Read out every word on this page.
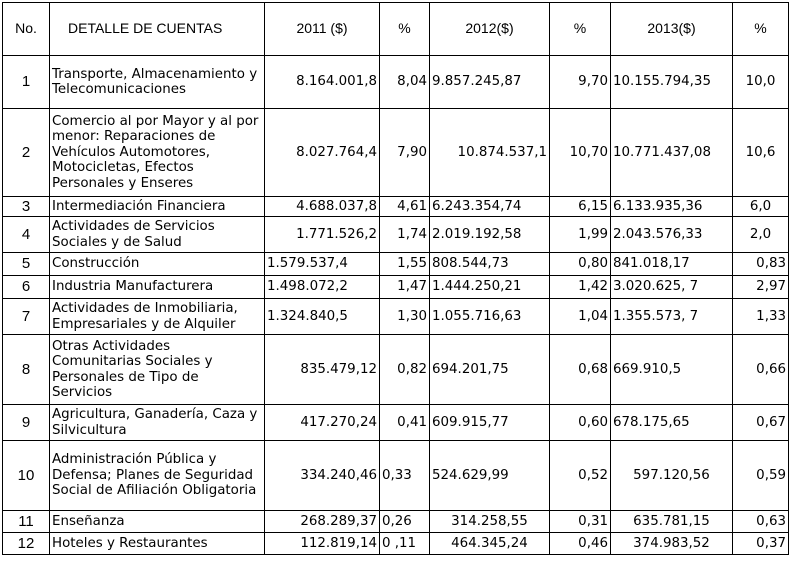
No.	DETALLE DE CUENTAS	2011 ($)	%	2012($)	%	2013($)	%
1	Transporte, Almacenamiento y Telecomunicaciones	8.164.001,8	8,04	9.857.245,87	9,70	10.155.794,35	10,0
2	Comercio al por Mayor y al por menor: Reparaciones de Vehículos Automotores, Motocicletas, Efectos Personales y Enseres	8.027.764,4	7,90	10.874.537,1	10,70	10.771.437,08	10,6
3	Intermediación Financiera	4.688.037,8	4,61	6.243.354,74	6,15	6.133.935,36	6,0
4	Actividades de Servicios Sociales y de Salud	1.771.526,2	1,74	2.019.192,58	1,99	2.043.576,33	2,0
5	Construcción	1.579.537,4	1,55	808.544,73	0,80	841.018,17	0,83
6	Industria Manufacturera	1.498.072,2	1,47	1.444.250,21	1,42	3.020.625, 7	2,97
7	Actividades de Inmobiliaria, Empresariales y de Alquiler	1.324.840,5	1,30	1.055.716,63	1,04	1.355.573, 7	1,33
8	Otras Actividades Comunitarias Sociales y Personales de Tipo de Servicios	835.479,12	0,82	694.201,75	0,68	669.910,5	0,66
9	Agricultura, Ganadería, Caza y Silvicultura	417.270,24	0,41	609.915,77	0,60	678.175,65	0,67
10	Administración Pública y Defensa; Planes de Seguridad Social de Afiliación Obligatoria	334.240,46	0,33	524.629,99	0,52	597.120,56	0,59
11	Enseñanza	268.289,37	0,26	314.258,55	0,31	635.781,15	0,63
12	Hoteles y Restaurantes	112.819,14	0 ,11	464.345,24	0,46	374.983,52	0,37
